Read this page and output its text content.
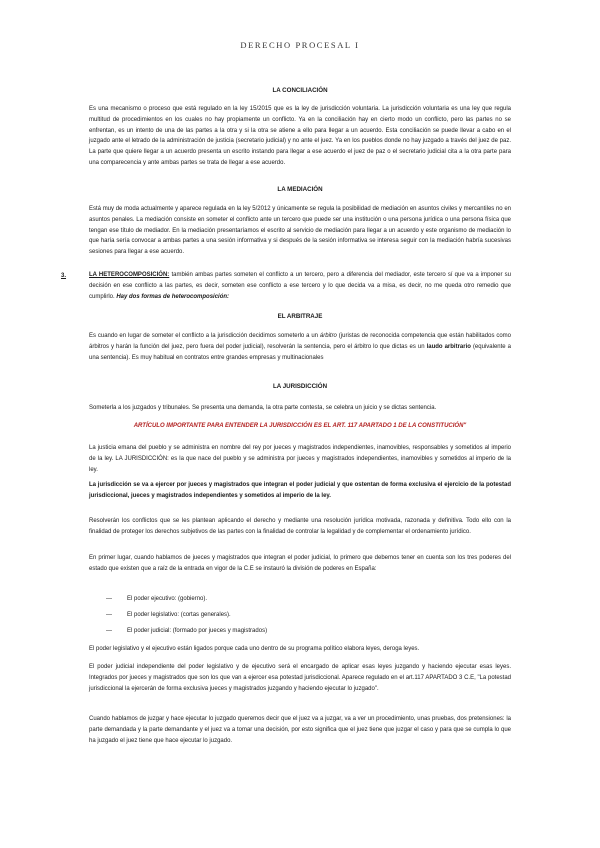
DERECHO PROCESAL I
LA CONCILIACIÓN
Es una mecanismo o proceso que está regulado en la ley 15/2015 que es la ley de jurisdicción voluntaria. La jurisdicción voluntaria es una ley que regula multitud de procedimientos en los cuales no hay propiamente un conflicto. Ya en la conciliación hay en cierto modo un conflicto, pero las partes no se enfrentan, es un intento de una de las partes a la otra y si la otra se atiene a ello para llegar a un acuerdo. Esta conciliación se puede llevar a cabo en el juzgado ante el letrado de la administración de justicia (secretario judicial) y no ante el juez. Ya en los pueblos donde no hay juzgado a través del juez de paz. La parte que quiere llegar a un acuerdo presenta un escrito instando para llegar a ese acuerdo el juez de paz o el secretario judicial cita a la otra parte para una comparecencia y ante ambas partes se trata de llegar a ese acuerdo.
LA MEDIACIÓN
Está muy de moda actualmente y aparece regulada en la ley 5/2012 y únicamente se regula la posibilidad de mediación en asuntos civiles y mercantiles no en asuntos penales. La mediación consiste en someter el conflicto ante un tercero que puede ser una institución o una persona jurídica o una persona física que tengan ese título de mediador. En la mediación presentaríamos el escrito al servicio de mediación para llegar a un acuerdo y este organismo de mediación lo que haría sería convocar a ambas partes a una sesión informativa y si después de la sesión informativa se interesa seguir con la mediación habría sucesivas sesiones para llegar a ese acuerdo.
3.	LA HETEROCOMPOSICIÓN: también ambas partes someten el conflicto a un tercero, pero a diferencia del mediador, este tercero sí que va a imponer su decisión en ese conflicto a las partes, es decir, someten ese conflicto a ese tercero y lo que decida va a misa, es decir, no me queda otro remedio que cumplirlo. Hay dos formas de heterocomposición:
EL ARBITRAJE
Es cuando en lugar de someter el conflicto a la jurisdicción decidimos someterlo a un árbitro (juristas de reconocida competencia que están habilitados como árbitros y harán la función del juez, pero fuera del poder judicial), resolverán la sentencia, pero el árbitro lo que dictas es un laudo arbitrario (equivalente a una sentencia). Es muy habitual en contratos entre grandes empresas y multinacionales
LA JURISDICCIÓN
Someterla a los juzgados y tribunales. Se presenta una demanda, la otra parte contesta, se celebra un juicio y se dictas sentencia.
ARTÍCULO IMPORTANTE PARA ENTENDER LA JURISDICCIÓN ES EL ART. 117 APARTADO 1 DE LA CONSTITUCIÓN"
La justicia emana del pueblo y se administra en nombre del rey por jueces y magistrados independientes, inamovibles, responsables y sometidos al imperio de la ley. LA JURISDICCIÓN: es la que nace del pueblo y se administra por jueces y magistrados independientes, inamovibles y sometidos al imperio de la ley.
La jurisdicción se va a ejercer por jueces y magistrados que integran el poder judicial y que ostentan de forma exclusiva el ejercicio de la potestad jurisdiccional, jueces y magistrados independientes y sometidos al imperio de la ley.
Resolverán los conflictos que se les plantean aplicando el derecho y mediante una resolución jurídica motivada, razonada y definitiva. Todo ello con la finalidad de proteger los derechos subjetivos de las partes con la finalidad de controlar la legalidad y de complementar el ordenamiento jurídico.
En primer lugar, cuando hablamos de jueces y magistrados que integran el poder judicial, lo primero que debemos tener en cuenta son los tres poderes del estado que existen que a raíz de la entrada en vigor de la C.E se instauró la división de poderes en España:
—	El poder ejecutivo: (gobierno).
—	El poder legislativo: (cortas generales).
—	El poder judicial: (formado por jueces y magistrados)
El poder legislativo y el ejecutivo están ligados porque cada uno dentro de su programa político elabora leyes, deroga leyes.
El poder judicial independiente del poder legislativo y de ejecutivo será el encargado de aplicar esas leyes juzgando y haciendo ejecutar esas leyes. Integrados por jueces y magistrados que son los que van a ejercer esa potestad jurisdiccional. Aparece regulado en el art.117 APARTADO 3 C.E, "La potestad jurisdiccional la ejercerán de forma exclusiva jueces y magistrados juzgando y haciendo ejecutar lo juzgado".
Cuando hablamos de juzgar y hace ejecutar lo juzgado queremos decir que el juez va a juzgar, va a ver un procedimiento, unas pruebas, dos pretensiones: la parte demandada y la parte demandante y el juez va a tomar una decisión, por esto significa que el juez tiene que juzgar el caso y para que se cumpla lo que ha juzgado el juez tiene que hace ejecutar lo juzgado.
